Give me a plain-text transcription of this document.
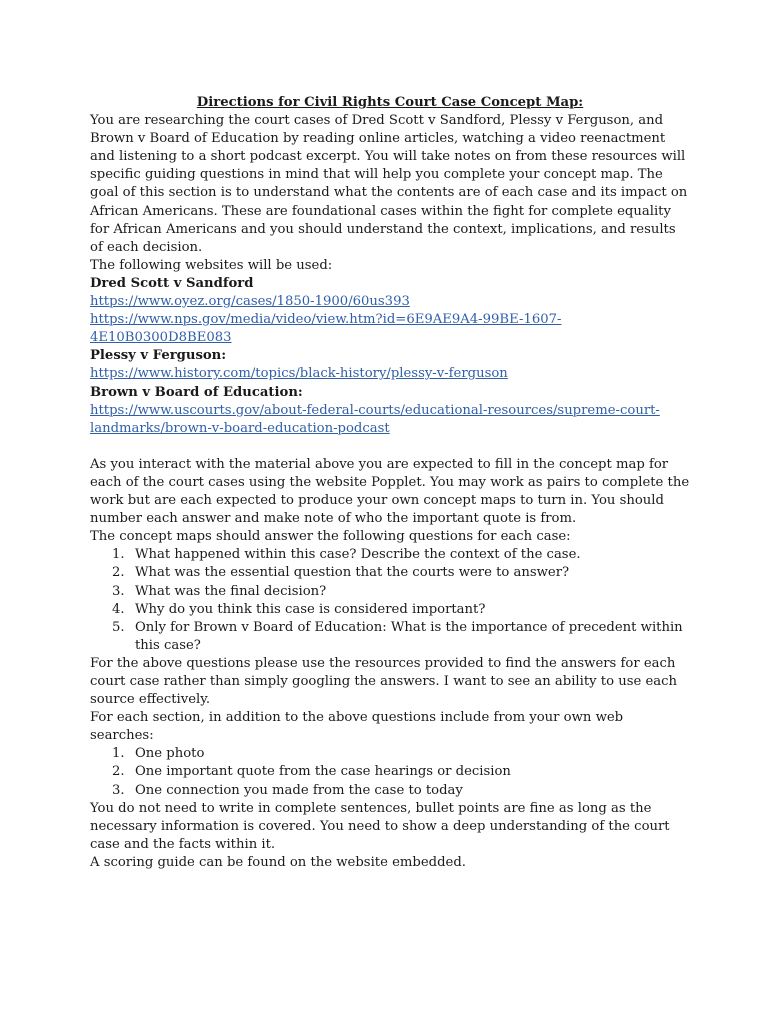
Directions for Civil Rights Court Case Concept Map:

You are researching the court cases of Dred Scott v Sandford, Plessy v Ferguson, and Brown v Board of Education by reading online articles, watching a video reenactment and listening to a short podcast excerpt. You will take notes on from these resources will specific guiding questions in mind that will help you complete your concept map. The goal of this section is to understand what the contents are of each case and its impact on African Americans. These are foundational cases within the fight for complete equality for African Americans and you should understand the context, implications, and results of each decision.

The following websites will be used:

Dred Scott v Sandford

https://www.oyez.org/cases/1850-1900/60us393
https://www.nps.gov/media/video/view.htm?id=6E9AE9A4-99BE-1607-4E10B0300D8BE083

Plessy v Ferguson:

https://www.history.com/topics/black-history/plessy-v-ferguson

Brown v Board of Education:

https://www.uscourts.gov/about-federal-courts/educational-resources/supreme-court-landmarks/brown-v-board-education-podcast

As you interact with the material above you are expected to fill in the concept map for each of the court cases using the website Popplet. You may work as pairs to complete the work but are each expected to produce your own concept maps to turn in. You should number each answer and make note of who the important quote is from.

The concept maps should answer the following questions for each case:

1. What happened within this case? Describe the context of the case.
2. What was the essential question that the courts were to answer?
3. What was the final decision?
4. Why do you think this case is considered important?
5. Only for Brown v Board of Education: What is the importance of precedent within this case?

For the above questions please use the resources provided to find the answers for each court case rather than simply googling the answers. I want to see an ability to use each source effectively.

For each section, in addition to the above questions include from your own web searches:

1. One photo
2. One important quote from the case hearings or decision
3. One connection you made from the case to today

You do not need to write in complete sentences, bullet points are fine as long as the necessary information is covered. You need to show a deep understanding of the court case and the facts within it.

A scoring guide can be found on the website embedded.
